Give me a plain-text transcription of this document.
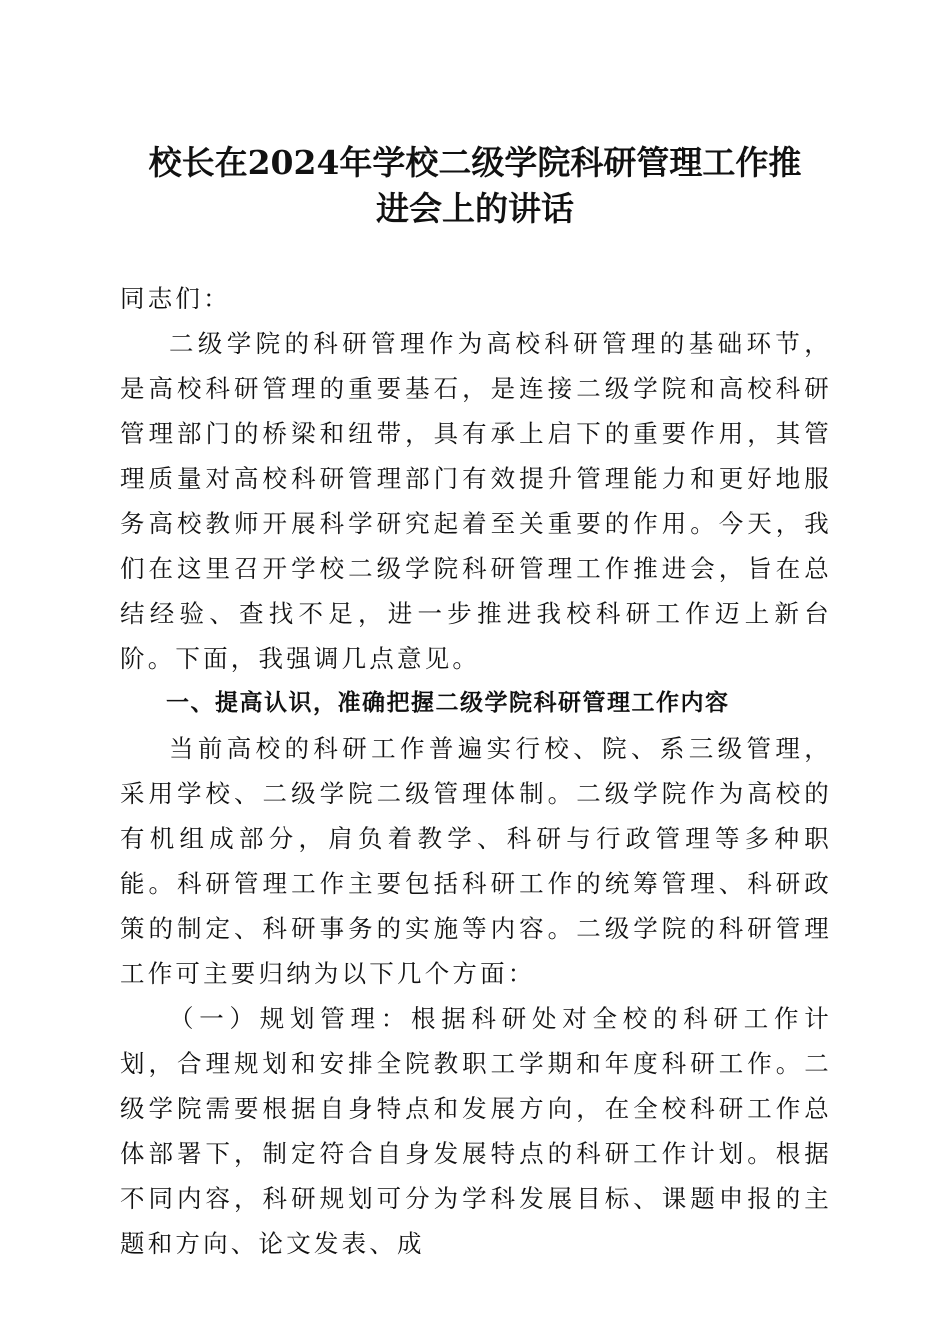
校长在2024年学校二级学院科研管理工作推
进会上的讲话

同志们：

二级学院的科研管理作为高校科研管理的基础环节，是高校科研管理的重要基石，是连接二级学院和高校科研管理部门的桥梁和纽带，具有承上启下的重要作用，其管理质量对高校科研管理部门有效提升管理能力和更好地服务高校教师开展科学研究起着至关重要的作用。今天，我们在这里召开学校二级学院科研管理工作推进会，旨在总结经验、查找不足，进一步推进我校科研工作迈上新台阶。下面，我强调几点意见。

一、提高认识，准确把握二级学院科研管理工作内容

当前高校的科研工作普遍实行校、院、系三级管理，采用学校、二级学院二级管理体制。二级学院作为高校的有机组成部分，肩负着教学、科研与行政管理等多种职能。科研管理工作主要包括科研工作的统筹管理、科研政策的制定、科研事务的实施等内容。二级学院的科研管理工作可主要归纳为以下几个方面：

（一）规划管理：根据科研处对全校的科研工作计划，合理规划和安排全院教职工学期和年度科研工作。二级学院需要根据自身特点和发展方向，在全校科研工作总体部署下，制定符合自身发展特点的科研工作计划。根据不同内容，科研规划可分为学科发展目标、课题申报的主题和方向、论文发表、成
